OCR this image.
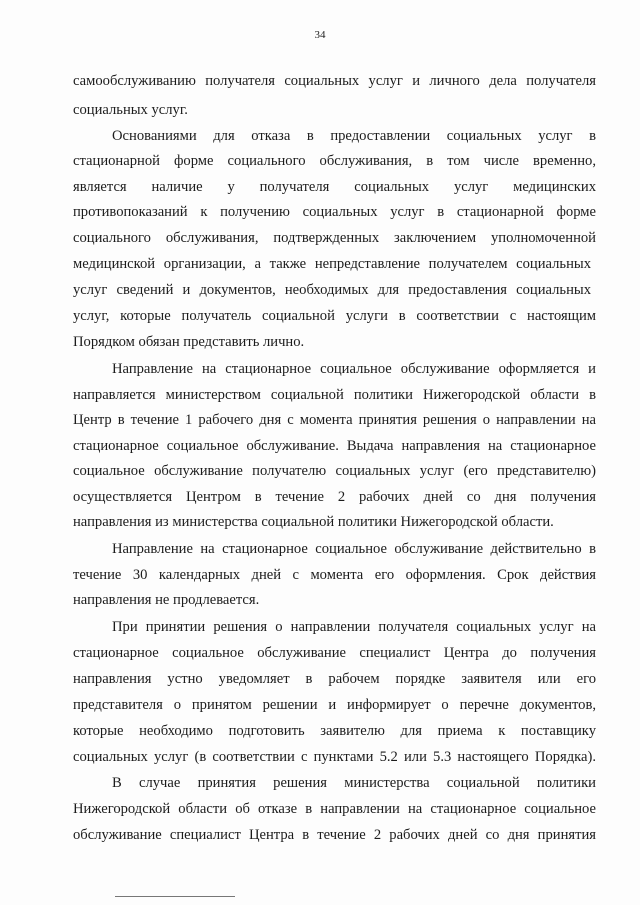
34
самообслуживанию получателя социальных услуг и личного дела получателя
социальных услуг.
Основаниями для отказа в предоставлении социальных услуг в
стационарной форме социального обслуживания, в том числе временно,
является наличие у получателя социальных услуг медицинских
противопоказаний к получению социальных услуг в стационарной форме
социального обслуживания, подтвержденных заключением уполномоченной
медицинской организации, а также непредставление получателем социальных
услуг сведений и документов, необходимых для предоставления социальных
услуг, которые получатель социальной услуги в соответствии с настоящим
Порядком обязан представить лично.
Направление на стационарное социальное обслуживание оформляется и
направляется министерством социальной политики Нижегородской области в
Центр в течение 1 рабочего дня с момента принятия решения о направлении на
стационарное социальное обслуживание. Выдача направления на стационарное
социальное обслуживание получателю социальных услуг (его представителю)
осуществляется Центром в течение 2 рабочих дней со дня получения
направления из министерства социальной политики Нижегородской области.
Направление на стационарное социальное обслуживание действительно в
течение 30 календарных дней с момента его оформления. Срок действия
направления не продлевается.
При принятии решения о направлении получателя социальных услуг на
стационарное социальное обслуживание специалист Центра до получения
направления устно уведомляет в рабочем порядке заявителя или его
представителя о принятом решении и информирует о перечне документов,
которые необходимо подготовить заявителю для приема к поставщику
социальных услуг (в соответствии с пунктами 5.2 или 5.3 настоящего Порядка).
В случае принятия решения министерства социальной политики
Нижегородской области об отказе в направлении на стационарное социальное
обслуживание специалист Центра в течение 2 рабочих дней со дня принятия
